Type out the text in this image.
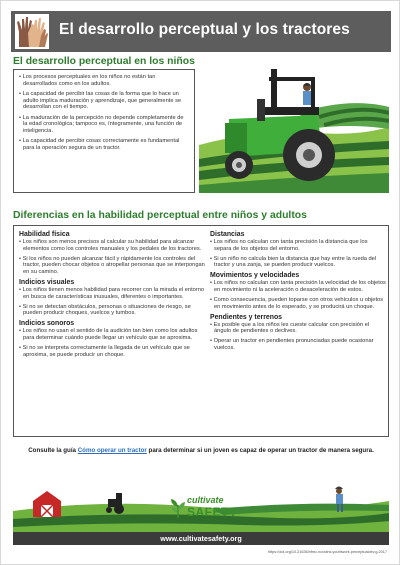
El desarrollo perceptual y los tractores
El desarrollo perceptual en los niños

• Los procesos perceptuales en los niños no están tan desarrollados como en los adultos.

• La capacidad de percibir las cosas de la forma que lo hace un adulto implica maduración y aprendizaje, que generalmente se desarrollan con el tiempo.

• La maduración de la percepción no depende completamente de la edad cronológica; tampoco es, íntegramente, una función de inteligencia.

• La capacidad de percibir cosas correctamente es fundamental para la operación segura de un tractor.

Diferencias en la habilidad perceptual entre niños y adultos
Habilidad física

• Los niños son menos precisos al calcular su habilidad para alcanzar elementos como los controles manuales y los pedales de los tractores.

• Si los niños no pueden alcanzar fácil y rápidamente los controles del tractor, pueden chocar objetos o atropellar personas que se interpongan en su camino.

Indicios visuales

• Los niños tienen menos habilidad para recorrer con la mirada el entorno en busca de características inusuales, diferentes o importantes.

• Si no se detectan obstáculos, personas o situaciones de riesgo, se pueden producir choques, vuelcos y tumbos.

Indicios sonoros

• Los niños no usan el sentido de la audición tan bien como los adultos para determinar cuándo puede llegar un vehículo que se aproxima.

• Si no se interpreta correctamente la llegada de un vehículo que se aproxima, se puede producir un choque.

Distancias

• Los niños no calculan con tanta precisión la distancia que los separa de los objetos del entorno.

• Si un niño no calcula bien la distancia que hay entre la rueda del tractor y una zanja, se pueden producir vuelcos.

Movimientos y velocidades

• Los niños no calculan con tanta precisión la velocidad de los objetos en movimiento ni la aceleración o desaceleración de estos.

• Como consecuencia, pueden toparse con otros vehículos u objetos en movimiento antes de lo esperado, y se producirá un choque.

Pendientes y terrenos

• Es posible que a los niños les cueste calcular con precisión el ángulo de pendientes o declives.

• Operar un tractor en pendientes pronunciadas puede ocasionar vuelcos.

Consulte la guía Cómo operar un tractor para determinar si un joven es capaz de operar un tractor de manera segura.
cultivate
SAFETY
www.cultivatesafety.org
https://doi.org/10.21636/nfmc.nccrahs.youthwork.perceptualdev.g.2017
